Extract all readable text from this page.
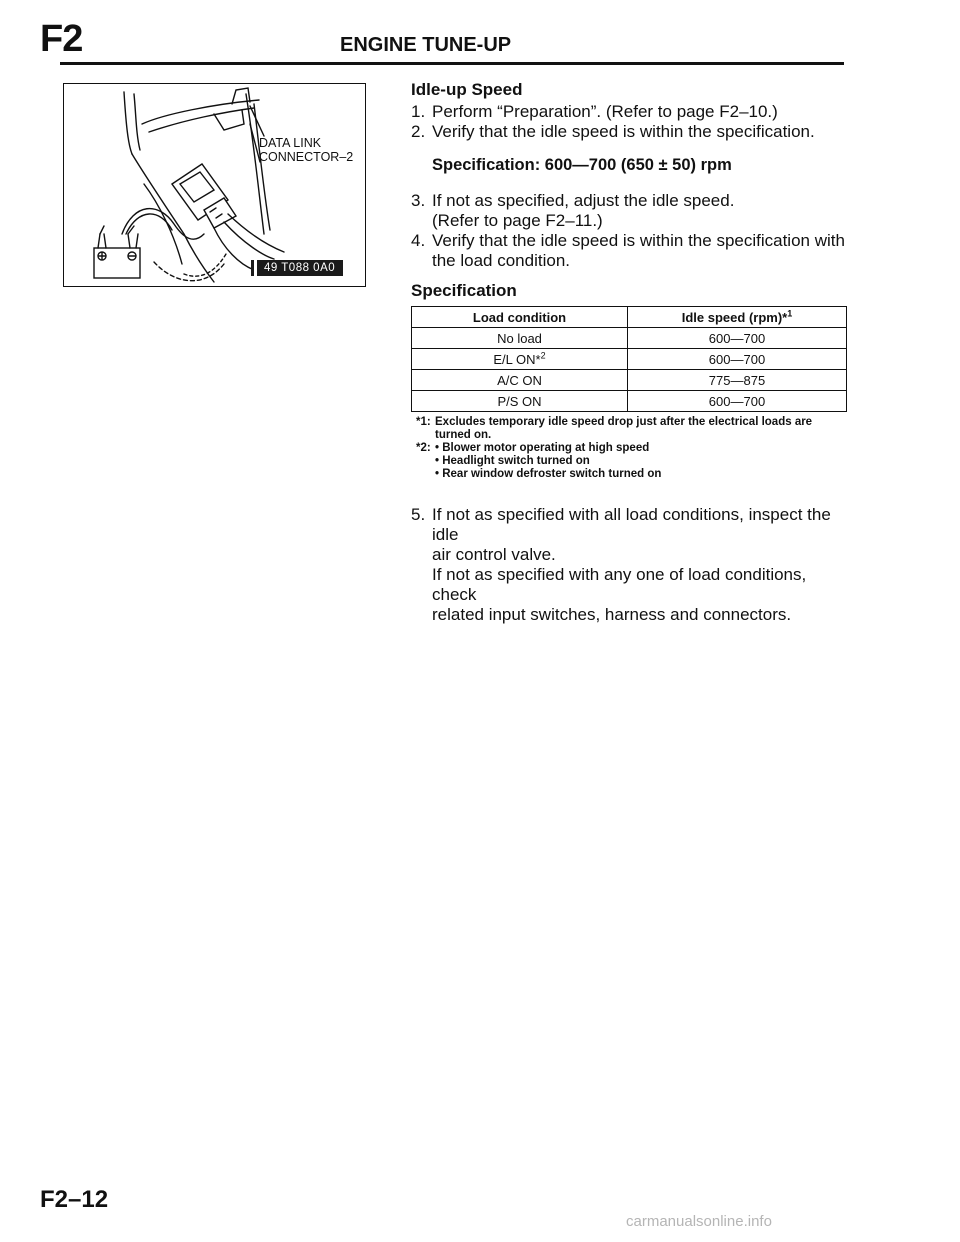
F2	ENGINE TUNE-UP
DATA LINK
CONNECTOR–2
49 T088 0A0
Idle-up Speed
1. Perform “Preparation”. (Refer to page F2–10.)
2. Verify that the idle speed is within the specification.
Specification: 600—700 (650 ± 50) rpm
3. If not as specified, adjust the idle speed.
(Refer to page F2–11.)
4. Verify that the idle speed is within the specification with
the load condition.
Specification
Load condition	Idle speed (rpm)*$^1$
No load	600—700
E/L ON*$^2$	600—700
A/C ON	775—875
P/S ON	600—700
*1: Excludes temporary idle speed drop just after the electrical loads are
turned on.
*2: • Blower motor operating at high speed
• Headlight switch turned on
• Rear window defroster switch turned on
5. If not as specified with all load conditions, inspect the idle
air control valve.
If not as specified with any one of load conditions, check
related input switches, harness and connectors.
F2–12
carmanualsonline.info
